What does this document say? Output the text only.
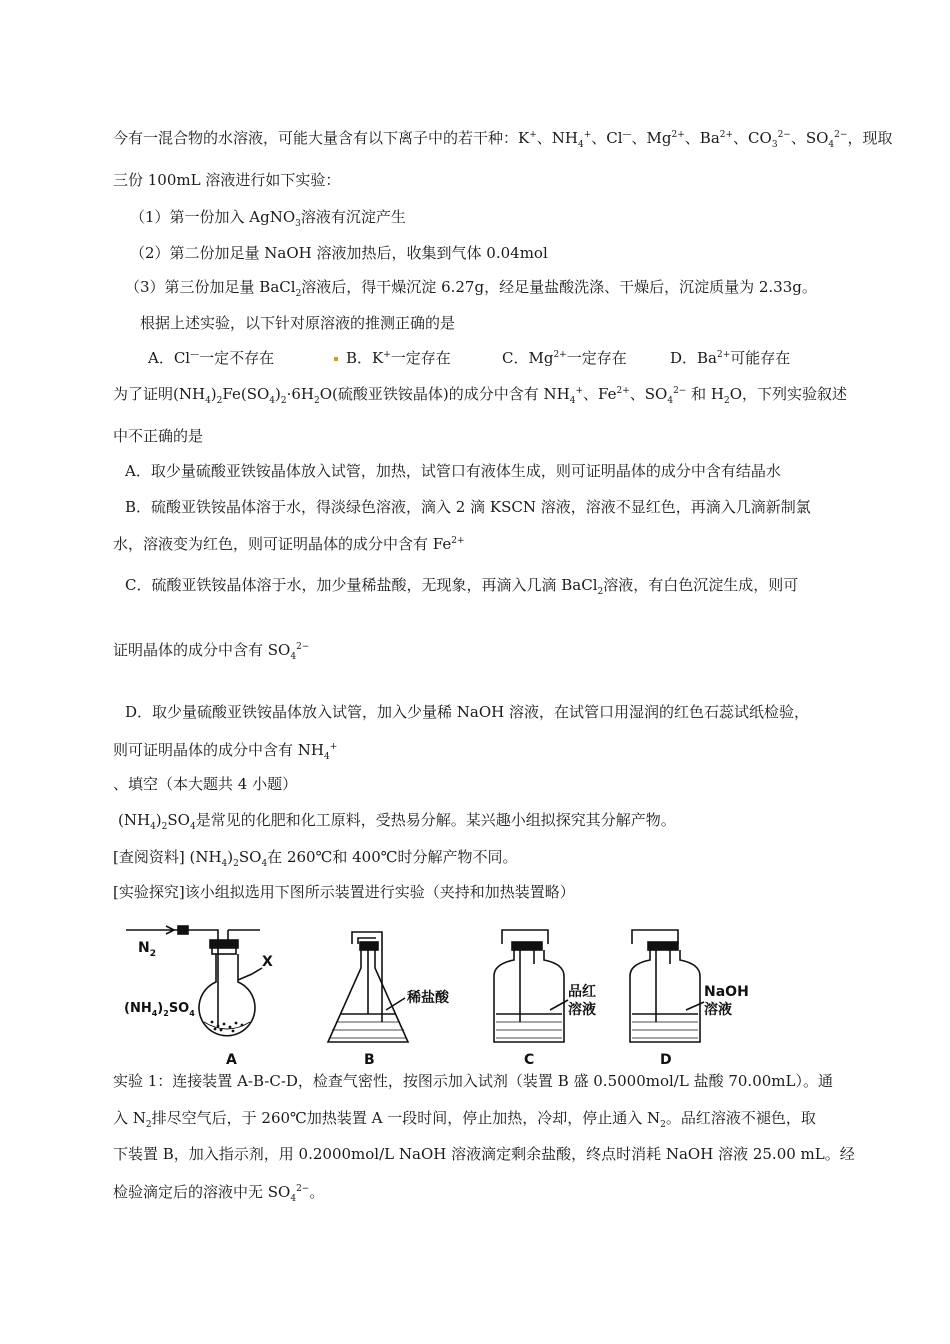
今有一混合物的水溶液，可能大量含有以下离子中的若干种：K+、$NH_4^+$、Cl—、$Mg^{2+}$、$Ba^{2+}$、$CO_3^{2-}$、$SO_4^{2-}$，现取
三份 100mL 溶液进行如下实验：
（1）第一份加入 AgNO$_3$溶液有沉淀产生
（2）第二份加足量 NaOH 溶液加热后，收集到气体 0.04mol
（3）第三份加足量 BaCl$_2$溶液后，得干燥沉淀 6.27g，经足量盐酸洗涤、干燥后，沉淀质量为 2.33g。
根据上述实验，以下针对原溶液的推测正确的是
A．Cl—一定不存在	B．K+一定存在	C．$Mg^{2+}$一定存在	D．$Ba^{2+}$可能存在
为了证明$(NH_4)_2Fe(SO_4)_2\cdot 6H_2O$(硫酸亚铁铵晶体)的成分中含有 $NH_4^+$、$Fe^{2+}$、$SO_4^{2-}$ 和 $H_2O$，下列实验叙述
中不正确的是
A．取少量硫酸亚铁铵晶体放入试管，加热，试管口有液体生成，则可证明晶体的成分中含有结晶水
B．硫酸亚铁铵晶体溶于水，得淡绿色溶液，滴入 2 滴 KSCN 溶液，溶液不显红色，再滴入几滴新制氯
水，溶液变为红色，则可证明晶体的成分中含有 $Fe^{2+}$
C．硫酸亚铁铵晶体溶于水，加少量稀盐酸，无现象，再滴入几滴 BaCl$_2$溶液，有白色沉淀生成，则可
证明晶体的成分中含有 $SO_4^{2-}$
D．取少量硫酸亚铁铵晶体放入试管，加入少量稀 NaOH 溶液，在试管口用湿润的红色石蕊试纸检验，
则可证明晶体的成分中含有 $NH_4^+$
、填空（本大题共 4 小题）
$(NH_4)_2SO_4$是常见的化肥和化工原料，受热易分解。某兴趣小组拟探究其分解产物。
[查阅资料] $(NH_4)_2SO_4$在 260℃和 400℃时分解产物不同。
[实验探究]该小组拟选用下图所示装置进行实验（夹持和加热装置略）
$N_2$	X
$(NH_4)_2SO_4$
稀盐酸	品红
溶液
NaOH
溶液
A	B	C	D
实验 1：连接装置 A-B-C-D，检查气密性，按图示加入试剂（装置 B 盛 0.5000mol/L 盐酸 70.00mL）。通
入 $N_2$排尽空气后，于 260℃加热装置 A 一段时间，停止加热，冷却，停止通入 $N_2$。品红溶液不褪色，取
下装置 B，加入指示剂，用 0.2000mol/L NaOH 溶液滴定剩余盐酸，终点时消耗 NaOH 溶液 25.00 mL。经
检验滴定后的溶液中无 $SO_4^{2-}$。
